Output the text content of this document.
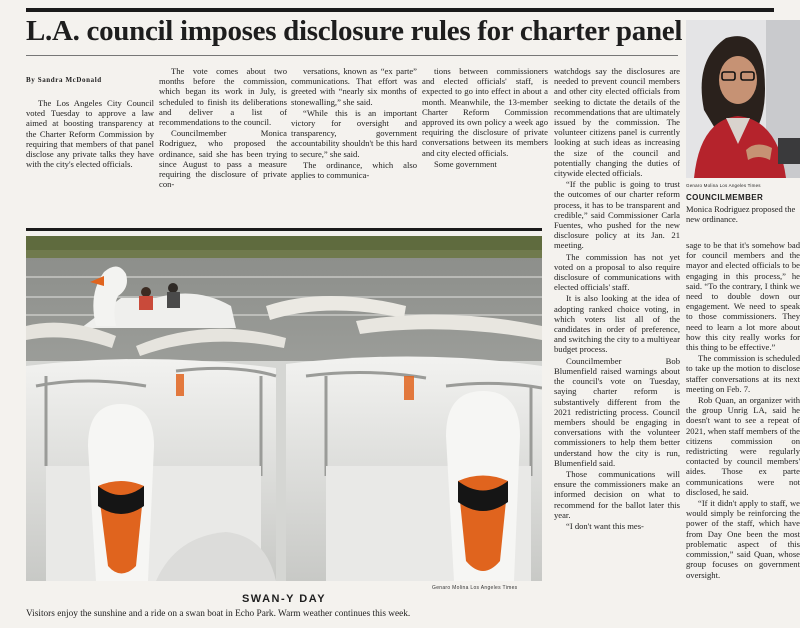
L.A. council imposes disclosure rules for charter panel
By Sandra McDonald

The Los Angeles City Council voted Tuesday to approve a law aimed at boosting transparency at the Charter Reform Commission by requiring that members of that panel disclose any private talks they have with the city's elected officials.

The vote comes about two months before the commission, which began its work in July, is scheduled to finish its deliberations and deliver a list of recommendations to the council.

Councilmember Monica Rodriguez, who proposed the ordinance, said she has been trying since August to pass a measure requiring the disclosure of private con-

versations, known as “ex parte” communications. That effort was greeted with “nearly six months of stonewalling,” she said.

“While this is an important victory for oversight and transparency, government accountability shouldn't be this hard to secure,” she said.

The ordinance, which also applies to communica-

tions between commissioners and elected officials' staff, is expected to go into effect in about a month. Meanwhile, the 13-member Charter Reform Commission approved its own policy a week ago requiring the disclosure of private conversations between its members and city elected officials.

Some government

watchdogs say the disclosures are needed to prevent council members and other city elected officials from seeking to dictate the details of the recommendations that are ultimately issued by the commission. The volunteer citizens panel is currently looking at such ideas as increasing the size of the council and potentially changing the duties of citywide elected officials.

“If the public is going to trust the outcomes of our charter reform process, it has to be transparent and credible,” said Commissioner Carla Fuentes, who pushed for the new disclosure policy at its Jan. 21 meeting.

The commission has not yet voted on a proposal to also require disclosure of communications with elected officials' staff.

It is also looking at the idea of adopting ranked choice voting, in which voters list all of the candidates in order of preference, and switching the city to a multiyear budget process.

Councilmember Bob Blumenfield raised warnings about the council's vote on Tuesday, saying charter reform is substantively different from the 2021 redistricting process. Council members should be engaging in conversations with the volunteer commissioners to help them better understand how the city is run, Blumenfield said.

Those communications will ensure the commissioners make an informed decision on what to recommend for the ballot later this year.

“I don't want this mes-

sage to be that it's somehow bad for council members and the mayor and elected officials to be engaging in this process,” he said. “To the contrary, I think we need to double down our engagement. We need to speak to those commissioners. They need to learn a lot more about how this city really works for this thing to be effective.”

The commission is scheduled to take up the motion to disclose staffer conversations at its next meeting on Feb. 7.

Rob Quan, an organizer with the group Unrig LA, said he doesn't want to see a repeat of 2021, when staff members of the citizens commission on redistricting were regularly contacted by council members' aides. Those ex parte communications were not disclosed, he said.

“If it didn't apply to staff, we would simply be reinforcing the power of the staff, which have from Day One been the most problematic aspect of this commission,” said Quan, whose group focuses on government oversight.

Genaro Molina Los Angeles Times
SWAN-Y DAY
Visitors enjoy the sunshine and a ride on a swan boat in Echo Park. Warm weather continues this week.
Genaro Molina Los Angeles Times
COUNCILMEMBER
Monica Rodriguez proposed the new ordinance.
